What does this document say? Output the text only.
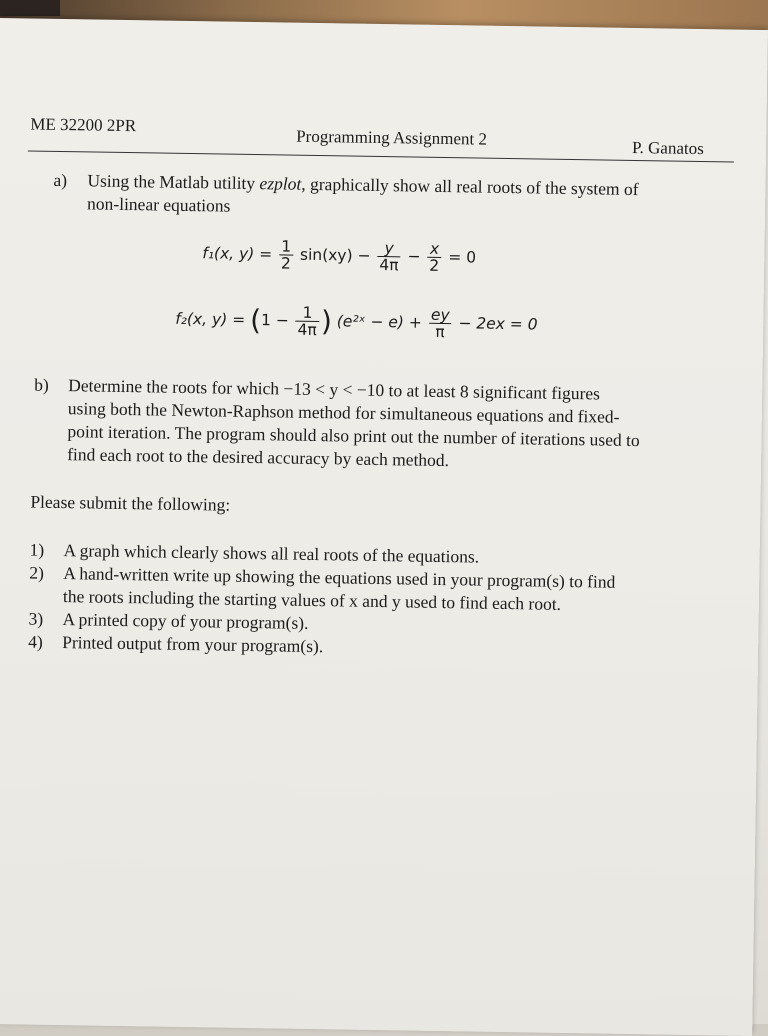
ME 32200 2PR
Programming Assignment 2	P. Ganatos
a) Using the Matlab utility ezplot, graphically show all real roots of the system of
non-linear equations
f₁(x, $y) = \frac{1}{2} \sin(xy) - \frac{y}{4\pi} - \frac{x}{2} = 0$
f₂(x, $y) = (1 - \frac{1}{4\pi}$ ) (e²ˣ − $e) + \frac{ey}{\pi} - 2ex = 0$
b) Determine the roots for which −13 < y < −10 to at least 8 significant figures
using both the Newton-Raphson method for simultaneous equations and fixed-
point iteration. The program should also print out the number of iterations used to
find each root to the desired accuracy by each method.
Please submit the following:
1) A graph which clearly shows all real roots of the equations.
2) A hand-written write up showing the equations used in your program(s) to find
the roots including the starting values of x and y used to find each root.
3) A printed copy of your program(s).
4) Printed output from your program(s).
